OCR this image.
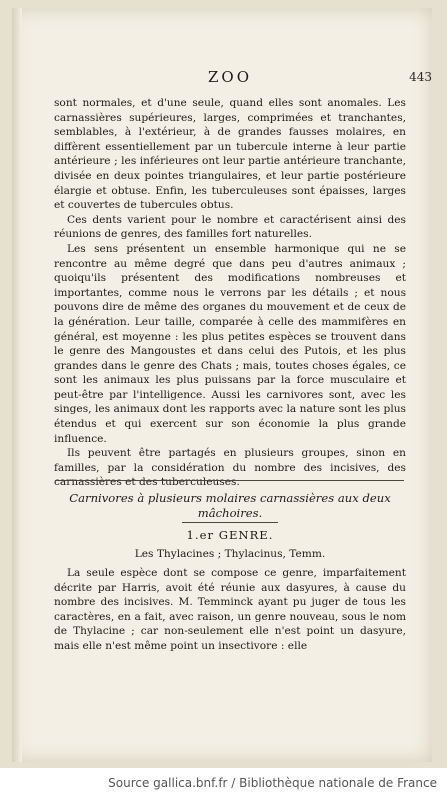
ZOO	443

sont normales, et d'une seule, quand elles sont anomales. Les carnassières supérieures, larges, comprimées et tranchantes, semblables, à l'extérieur, à de grandes fausses molaires, en diffèrent essentiellement par un tubercule interne à leur partie antérieure ; les inférieures ont leur partie antérieure tranchante, divisée en deux pointes triangulaires, et leur partie postérieure élargie et obtuse. Enfin, les tuberculeuses sont épaisses, larges et couvertes de tubercules obtus.

Ces dents varient pour le nombre et caractérisent ainsi des réunions de genres, des familles fort naturelles.

Les sens présentent un ensemble harmonique qui ne se rencontre au même degré que dans peu d'autres animaux ; quoiqu'ils présentent des modifications nombreuses et importantes, comme nous le verrons par les détails ; et nous pouvons dire de même des organes du mouvement et de ceux de la génération. Leur taille, comparée à celle des mammifères en général, est moyenne : les plus petites espèces se trouvent dans le genre des Mangoustes et dans celui des Putois, et les plus grandes dans le genre des Chats ; mais, toutes choses égales, ce sont les animaux les plus puissans par la force musculaire et peut-être par l'intelligence. Aussi les carnivores sont, avec les singes, les animaux dont les rapports avec la nature sont les plus étendus et qui exercent sur son économie la plus grande influence.

Ils peuvent être partagés en plusieurs groupes, sinon en familles, par la considération du nombre des incisives, des carnassières et des tuberculeuses.

Carnivores à plusieurs molaires carnassières aux deux mâchoires.
1.er GENRE.
Les Thylacines ; Thylacinus, Temm.

La seule espèce dont se compose ce genre, imparfaitement décrite par Harris, avoit été réunie aux dasyures, à cause du nombre des incisives. M. Temminck ayant pu juger de tous les caractères, en a fait, avec raison, un genre nouveau, sous le nom de Thylacine ; car non-seulement elle n'est point un dasyure, mais elle n'est même point un insectivore : elle

Source gallica.bnf.fr / Bibliothèque nationale de France
